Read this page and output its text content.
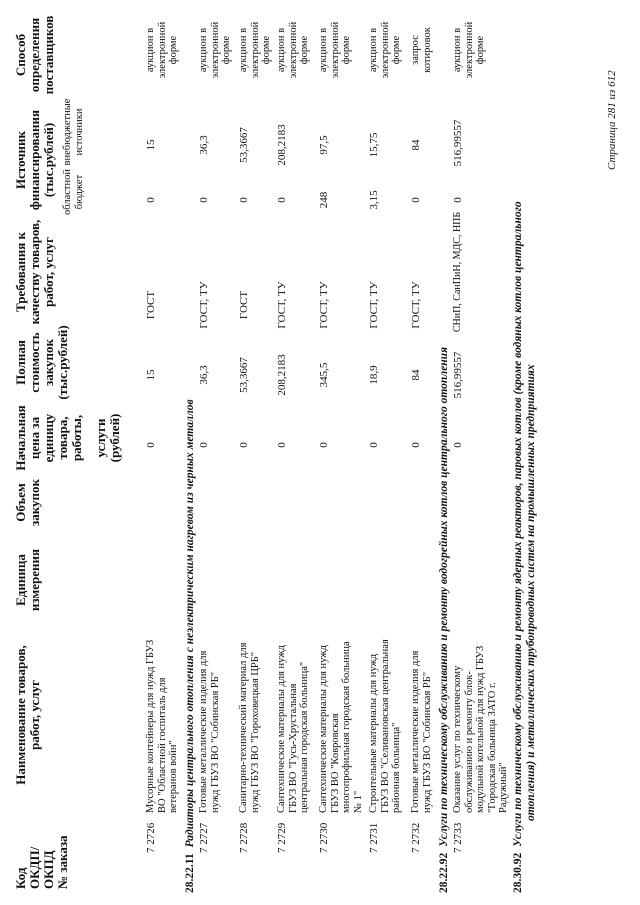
Код ОКДП/ ОКПД № заказа
Наименование товаров, работ, услуг
Единица измерения
Объем закупок
Начальная цена за единицу товара, работы, услуги (рублей)
Полная стоимость закупок (тыс.рублей)
Требования к качеству товаров, работ, услуг
Источник финансирования (тыс.рублей) областной бюджет
внебюджетные источники
Способ определения поставщиков
7 2726
Мусорные контейнеры для нужд ГБУЗ ВО "Областной госпиталь для ветеранов войн"
0
15
ГОСТ
0
15
аукцион в электронной форме
28.22.11Радиаторы центрального отопления с неэлектрическим нагревом из черных металлов 7 2727
Готовые металлические изделия для нужд ГБУЗ ВО "Собинская РБ"
0
36,3
ГОСТ, ТУ
0
36,3
аукцион в электронной форме
7 2728
Санитарно-технический материал для нужд ГБУЗ ВО "Гороховецкая ЦРБ"
0
53,3667
ГОСТ
0
53,3667
аукцион в электронной форме
7 2729
Сантехнические материалы для нужд ГБУЗ ВО "Гусь-Хрустальная центральная городская больница"
0
208,2183
ГОСТ, ТУ
0
208,2183
аукцион в электронной форме
7 2730
Сантехнические материалы для нужд ГБУЗ ВО "Ковровская многопрофильная городская больница № 1"
0
345,5
ГОСТ, ТУ
248
97,5
аукцион в электронной форме
7 2731
Строительные материалы для нужд ГБУЗ ВО "Селивановская центральная районная больница"
0
18,9
ГОСТ, ТУ
3,15
15,75
аукцион в электронной форме
7 2732
Готовые металлические изделия для нужд ГБУЗ ВО "Собинская РБ"
0
84
ГОСТ, ТУ
0
84
запрос котировок
28.22.92Услуги по техническому обслуживанию и ремонту водогрейных котлов центрального отопления 7 2733
Оказание услуг по техническому обслуживанию и ремонту блок- модульной котельной для нужд ГБУЗ "Городская больница ЗАТО г. Радужный"
0
516,99557
СНиП, СанПиН, МДС, НПБ
0
516,99557
аукцион в электронной форме
28.30.92Услуги по техническому обслуживанию и ремонту ядерных реакторов, паровых котлов (кроме водяных котлов центрального отопления) и металлических трубопроводных систем на промышленных предприятиях
Страница 281 из 612
